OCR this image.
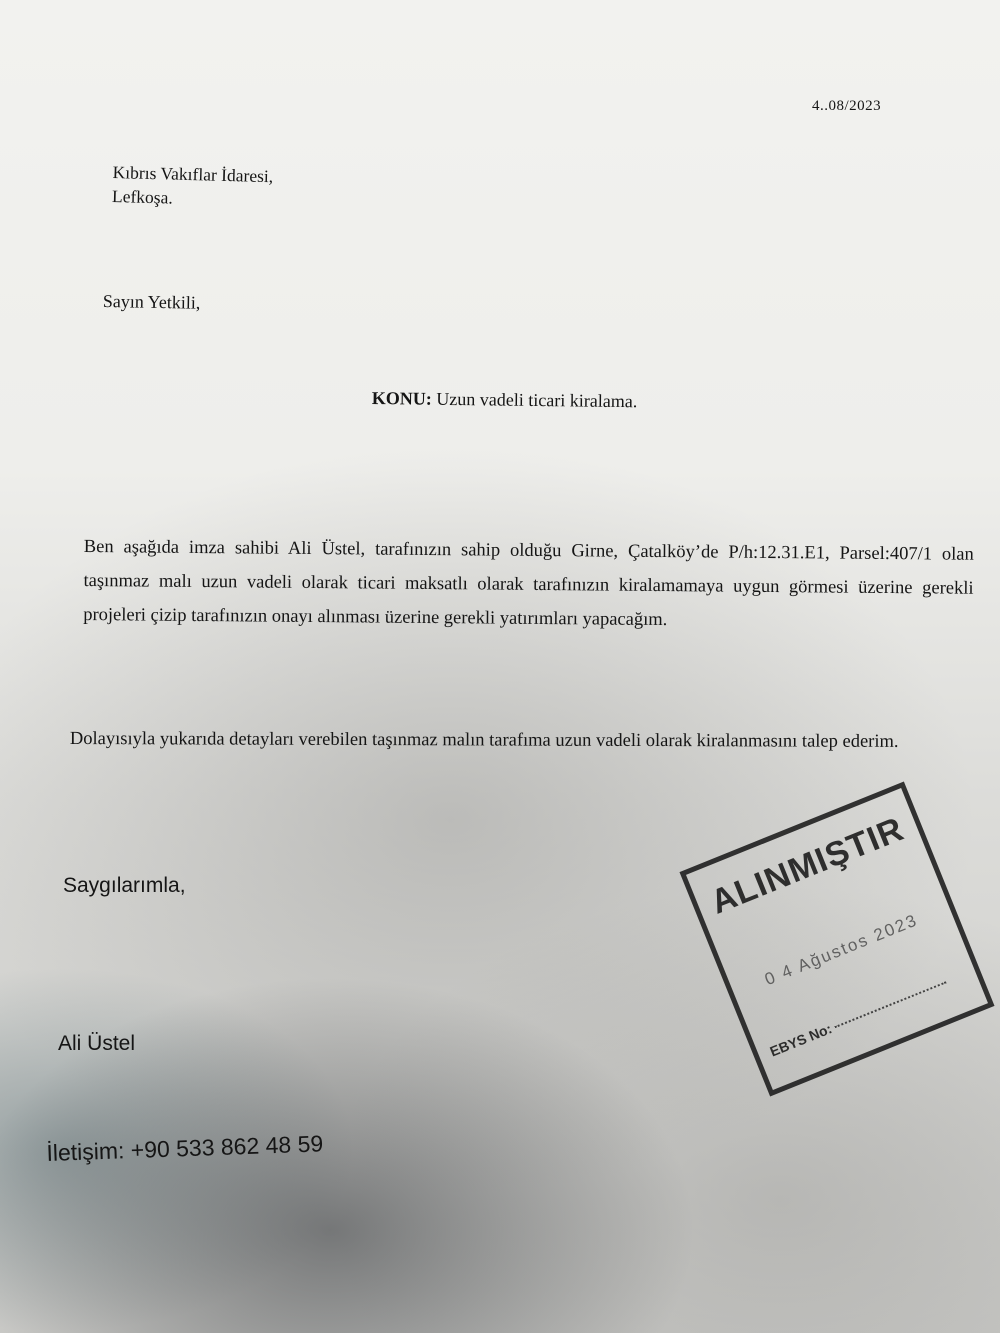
4..08/2023
Kıbrıs Vakıflar İdaresi,
Lefkoşa.
Sayın Yetkili,
KONU: Uzun vadeli ticari kiralama.
Ben aşağıda imza sahibi Ali Üstel, tarafınızın sahip olduğu Girne, Çatalköy’de P/h:12.31.E1, Parsel:407/1 olan taşınmaz malı uzun vadeli olarak ticari maksatlı olarak tarafınızın kiralamamaya uygun görmesi üzerine gerekli projeleri çizip tarafınızın onayı alınması üzerine gerekli yatırımları yapacağım.
Dolayısıyla yukarıda detayları verebilen taşınmaz malın tarafıma uzun vadeli olarak kiralanmasını talep ederim.
Saygılarımla,
Ali Üstel
İletişim: +90 533 862 48 59
ALINMIŞTIR
0 4 Ağustos 2023
EBYS No:
